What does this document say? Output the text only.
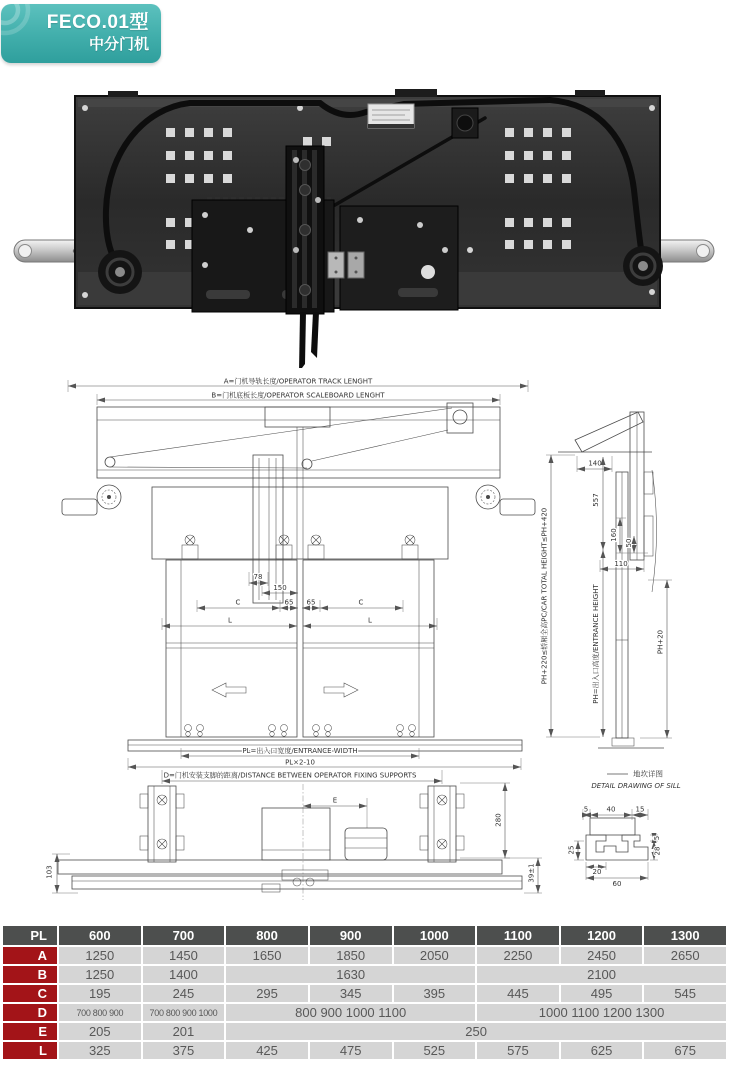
FECO.01型
中分门机
A=门机导轨长度/OPERATOR TRACK LENGHT
B=门机底板长度/OPERATOR SCALEBOARD LENGHT
78
150
C	65 65	C
L	L
PL=出入口宽度/ENTRANCE WIDTH
PL×2-10
140
557
PH=出入口高度/ENTRANCE HEIGHT
PH+220≤轿厢全高PC/CAR TOTAL HEIGHT≤PH+420	160
50
110
PH+20
D=门机安装支脚的距离/DISTANCE BETWEEN OPERATOR FIXING SUPPORTS
E
280
103	39±1
地坎详图
DETAIL DRAWING OF SILL
5	40	15
5
28
25
20
60
PL	600	700	800	900	1000	1100	1200	1300
A	1250	1450	1650	1850	2050	2250	2450	2650
B	1250	1400	1630			2100		
C	195	245	295	345	395	445	495	545
D	700 800 900	700 800 900 1000	800 900 1000 1100			1000 1100 1200 1300		
E	205	201	250					
L	325	375	425	475	525	575	625	675
